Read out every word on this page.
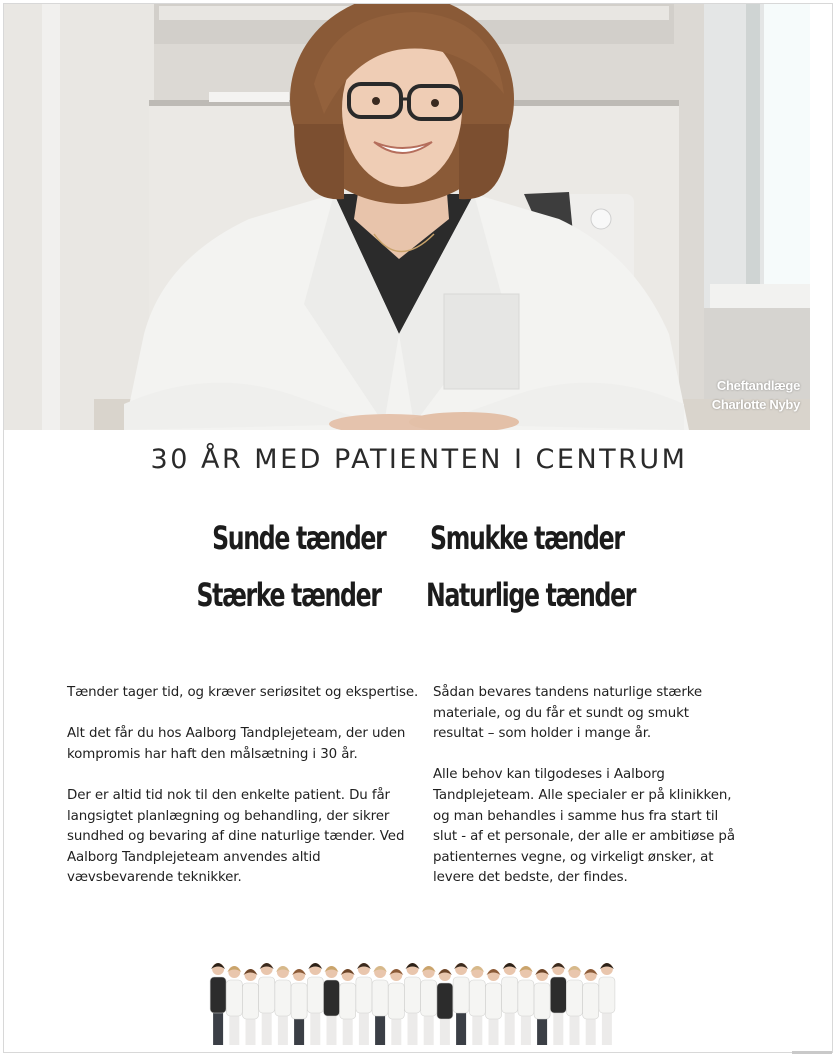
Cheftandlæge
Charlotte Nyby
30 ÅR MED PATIENTEN I CENTRUM
Sunde tænder Smukke tænder
Stærke tænder Naturlige tænder

Tænder tager tid, og kræver seriøsitet og ekspertise.

Alt det får du hos Aalborg Tandplejeteam, der uden kompromis har haft den målsætning i 30 år.

Der er altid tid nok til den enkelte patient. Du får langsigtet planlægning og behandling, der sikrer sundhed og bevaring af dine naturlige tænder. Ved Aalborg Tandplejeteam anvendes altid vævsbevarende teknikker.

Sådan bevares tandens naturlige stærke materiale, og du får et sundt og smukt resultat – som holder i mange år.

Alle behov kan tilgodeses i Aalborg Tandplejeteam. Alle specialer er på klinikken, og man behandles i samme hus fra start til slut - af et personale, der alle er ambitiøse på patienternes vegne, og virkeligt ønsker, at levere det bedste, der findes.
